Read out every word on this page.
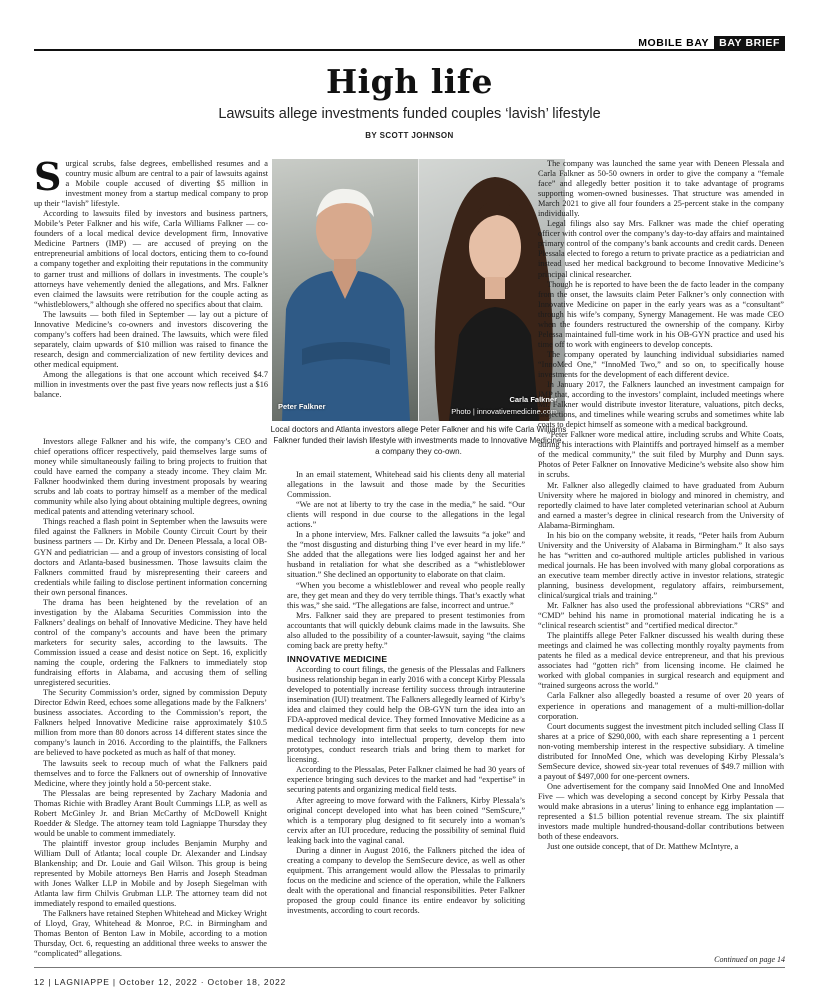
MOBILE BAY BAY BRIEF
High life
Lawsuits allege investments funded couples ‘lavish’ lifestyle
BY SCOTT JOHNSON
Peter Falkner
Carla Falkner
Photo | innovativemedicine.com
Local doctors and Atlanta investors allege Peter Falkner and his wife Carla Williams Falkner funded their lavish lifestyle with investments made to Innovative Medicine, a company they co-own.
S urgical scrubs, false degrees, embellished resumes and a country music album are central to a pair of lawsuits against a Mobile couple accused of diverting $5 million in investment money from a startup medical company to prop up their “lavish” lifestyle.

According to lawsuits filed by investors and business partners, Mobile’s Peter Falkner and his wife, Carla Williams Falkner — co-founders of a local medical device development firm, Innovative Medicine Partners (IMP) — are accused of preying on the entrepreneurial ambitions of local doctors, enticing them to co-found a company together and exploiting their reputations in the community to garner trust and millions of dollars in investments. The couple’s attorneys have vehemently denied the allegations, and Mrs. Falkner even claimed the lawsuits were retribution for the couple acting as “whistleblowers,” although she offered no specifics about that claim.

The lawsuits — both filed in September — lay out a picture of Innovative Medicine’s co-owners and investors discovering the company’s coffers had been drained. The lawsuits, which were filed separately, claim upwards of $10 million was raised to finance the research, design and commercialization of new fertility devices and other medical equipment.

Among the allegations is that one account which received $4.7 million in investments over the past five years now reflects just a $16 balance.

Investors allege Falkner and his wife, the company’s CEO and chief operations officer respectively, paid themselves large sums of money while simultaneously failing to bring projects to fruition that could have earned the company a steady income. They claim Mr. Falkner hoodwinked them during investment proposals by wearing scrubs and lab coats to portray himself as a member of the medical community while also lying about obtaining multiple degrees, owning medical patents and attending veterinary school.

Things reached a flash point in September when the lawsuits were filed against the Falkners in Mobile County Circuit Court by their business partners — Dr. Kirby and Dr. Deneen Plessala, a local OB-GYN and pediatrician — and a group of investors consisting of local doctors and Atlanta-based businessmen. Those lawsuits claim the Falkners committed fraud by misrepresenting their careers and credentials while failing to disclose pertinent information concerning their own personal finances.

The drama has been heightened by the revelation of an investigation by the Alabama Securities Commission into the Falkners’ dealings on behalf of Innovative Medicine. They have held control of the company’s accounts and have been the primary marketers for security sales, according to the lawsuits. The Commission issued a cease and desist notice on Sept. 16, explicitly naming the couple, ordering the Falkners to immediately stop fundraising efforts in Alabama, and accusing them of selling unregistered securities.

The Security Commission’s order, signed by commission Deputy Director Edwin Reed, echoes some allegations made by the Falkners’ business associates. According to the Commission’s report, the Falkners helped Innovative Medicine raise approximately $10.5 million from more than 80 donors across 14 different states since the company’s launch in 2016. According to the plaintiffs, the Falkners are believed to have pocketed as much as half of that money.

The lawsuits seek to recoup much of what the Falkners paid themselves and to force the Falkners out of ownership of Innovative Medicine, where they jointly hold a 50-percent stake.

The Plessalas are being represented by Zachary Madonia and Thomas Richie with Bradley Arant Boult Cummings LLP, as well as Robert McGinley Jr. and Brian McCarthy of McDowell Knight Roedder & Sledge. The attorney team told Lagniappe Thursday they would be unable to comment immediately.

The plaintiff investor group includes Benjamin Murphy and William Dull of Atlanta; local couple Dr. Alexander and Lindsay Blankenship; and Dr. Louie and Gail Wilson. This group is being represented by Mobile attorneys Ben Harris and Joseph Steadman with Jones Walker LLP in Mobile and by Joseph Siegelman with Atlanta law firm Chilvis Grubman LLP. The attorney team did not immediately respond to emailed questions.

The Falkners have retained Stephen Whitehead and Mickey Wright of Lloyd, Gray, Whitehead & Monroe, P.C. in Birmingham and Thomas Benton of Benton Law in Mobile, according to a motion Thursday, Oct. 6, requesting an additional three weeks to answer the “complicated” allegations.

In an email statement, Whitehead said his clients deny all material allegations in the lawsuit and those made by the Securities Commission.

“We are not at liberty to try the case in the media,” he said. “Our clients will respond in due course to the allegations in the legal actions.”

In a phone interview, Mrs. Falkner called the lawsuits “a joke” and the “most disgusting and disturbing thing I’ve ever heard in my life.” She added that the allegations were lies lodged against her and her husband in retaliation for what she described as a “whistleblower situation.” She declined an opportunity to elaborate on that claim.

“When you become a whistleblower and reveal who people really are, they get mean and they do very terrible things. That’s exactly what this was,” she said. “The allegations are false, incorrect and untrue.”

Mrs. Falkner said they are prepared to present testimonies from accountants that will quickly debunk claims made in the lawsuits. She also alluded to the possibility of a counter-lawsuit, saying “the claims coming back are pretty hefty.”

INNOVATIVE MEDICINE

According to court filings, the genesis of the Plessalas and Falkners business relationship began in early 2016 with a concept Kirby Plessala developed to potentially increase fertility success through intrauterine insemination (IUI) treatment. The Falkners allegedly learned of Kirby’s idea and claimed they could help the OB-GYN turn the idea into an FDA-approved medical device. They formed Innovative Medicine as a medical device development firm that seeks to turn concepts for new medical technology into intellectual property, develop them into prototypes, conduct research trials and bring them to market for licensing.

According to the Plessalas, Peter Falkner claimed he had 30 years of experience bringing such devices to the market and had “expertise” in securing patents and organizing medical field tests.

After agreeing to move forward with the Falkners, Kirby Plessala’s original concept developed into what has been coined “SemScure,” which is a temporary plug designed to fit securely into a woman’s cervix after an IUI procedure, reducing the possibility of seminal fluid leaking back into the vaginal canal.

During a dinner in August 2016, the Falkners pitched the idea of creating a company to develop the SemSecure device, as well as other equipment. This arrangement would allow the Plessalas to primarily focus on the medicine and science of the operation, while the Falkners dealt with the operational and financial responsibilities. Peter Falkner proposed the group could finance its entire endeavor by soliciting investments, according to court records.

The company was launched the same year with Deneen Plessala and Carla Falkner as 50-50 owners in order to give the company a “female face” and allegedly better position it to take advantage of programs supporting women-owned businesses. That structure was amended in March 2021 to give all four founders a 25-percent stake in the company individually.

Legal filings also say Mrs. Falkner was made the chief operating officer with control over the company’s day-to-day affairs and maintained primary control of the company’s bank accounts and credit cards. Deneen Plessala elected to forego a return to private practice as a pediatrician and instead used her medical background to become Innovative Medicine’s principal clinical researcher.

Though he is reported to have been the de facto leader in the company from the onset, the lawsuits claim Peter Falkner’s only connection with Innovative Medicine on paper in the early years was as a “consultant” through his wife’s company, Synergy Management. He was made CEO when the founders restructured the ownership of the company. Kirby Pelessa maintained full-time work in his OB-GYN practice and used his time off to work with engineers to develop concepts.

The company operated by launching individual subsidiaries named “InnoMed One,” “InnoMed Two,” and so on, to specifically house investments for the development of each different device.

In January 2017, the Falkners launched an investment campaign for IMP that, according to the investors’ complaint, included meetings where Mr. Falkner would distribute investor literature, valuations, pitch decks, projections, and timelines while wearing scrubs and sometimes white lab coats to depict himself as someone with a medical background.

“Peter Falkner wore medical attire, including scrubs and White Coats, during his interactions with Plaintiffs and portrayed himself as a member of the medical community,” the suit filed by Murphy and Dunn says. Photos of Peter Falkner on Innovative Medicine’s website also show him in scrubs.

Mr. Falkner also allegedly claimed to have graduated from Auburn University where he majored in biology and minored in chemistry, and reportedly claimed to have later completed veterinarian school at Auburn and earned a master’s degree in clinical research from the University of Alabama-Birmingham.

In his bio on the company website, it reads, “Peter hails from Auburn University and the University of Alabama in Birmingham.” It also says he has “written and co-authored multiple articles published in various medical journals. He has been involved with many global corporations as an executive team member directly active in investor relations, strategic planning, business development, regulatory affairs, reimbursement, clinical/surgical trials and training.”

Mr. Falkner has also used the professional abbreviations “CRS” and “CMD” behind his name in promotional material indicating he is a “clinical research scientist” and “certified medical director.”

The plaintiffs allege Peter Falkner discussed his wealth during these meetings and claimed he was collecting monthly royalty payments from patents he filed as a medical device entrepreneur, and that his previous associates had “gotten rich” from licensing income. He claimed he worked with global companies in surgical research and equipment and “trained surgeons across the world.”

Carla Falkner also allegedly boasted a resume of over 20 years of experience in operations and management of a multi-million-dollar corporation.

Court documents suggest the investment pitch included selling Class II shares at a price of $290,000, with each share representing a 1 percent non-voting membership interest in the respective subsidiary. A timeline distributed for InnoMed One, which was developing Kirby Plessala’s SemSecure device, showed six-year total revenues of $49.7 million with a payout of $497,000 for one-percent owners.

One advertisement for the company said InnoMed One and InnoMed Five — which was developing a second concept by Kirby Pessala that would make abrasions in a uterus’ lining to enhance egg implantation — represented a $1.5 billion potential revenue stream. The six plaintiff investors made multiple hundred-thousand-dollar contributions between both of these endeavors.

Just one outside concept, that of Dr. Matthew McIntyre, a

Continued on page 14
12 | LAGNIAPPE | October 12, 2022 · October 18, 2022
